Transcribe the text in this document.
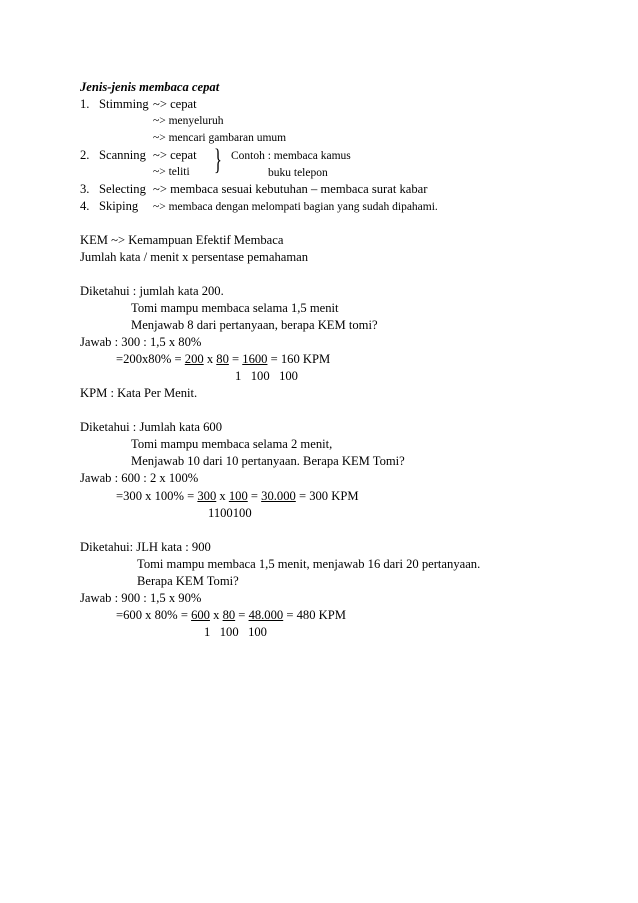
Jenis-jenis membaca cepat
1. Stimming ~> cepat
~> menyeluruh
~> mencari gambaran umum
2. Scanning ~> cepat
~> teliti } Contoh : membaca kamus
buku telepon
3. Selecting ~> membaca sesuai kebutuhan – membaca surat kabar
4. Skiping ~> membaca dengan melompati bagian yang sudah dipahami.
KEM ~> Kemampuan Efektif Membaca
Jumlah kata / menit x persentase pemahaman
Diketahui : jumlah kata 200.
Tomi mampu membaca selama 1,5 menit
Menjawab 8 dari pertanyaan, berapa KEM tomi?
Jawab : 300 : 1,5 x 80%
=200x80% = 200 x 80 = 1600 = 160 KPM
1   100   100
KPM : Kata Per Menit.
Diketahui : Jumlah kata 600
Tomi mampu membaca selama 2 menit,
Menjawab 10 dari 10 pertanyaan. Berapa KEM Tomi?
Jawab : 600 : 2 x 100%
=300 x 100% = 300 x 100 = 30.000 = 300 KPM
1100100
Diketahui: JLH kata : 900
Tomi mampu membaca 1,5 menit, menjawab 16 dari 20 pertanyaan.
Berapa KEM Tomi?
Jawab : 900 : 1,5 x 90%
=600 x 80% = 600 x 80 = 48.000 = 480 KPM
1   100   100
